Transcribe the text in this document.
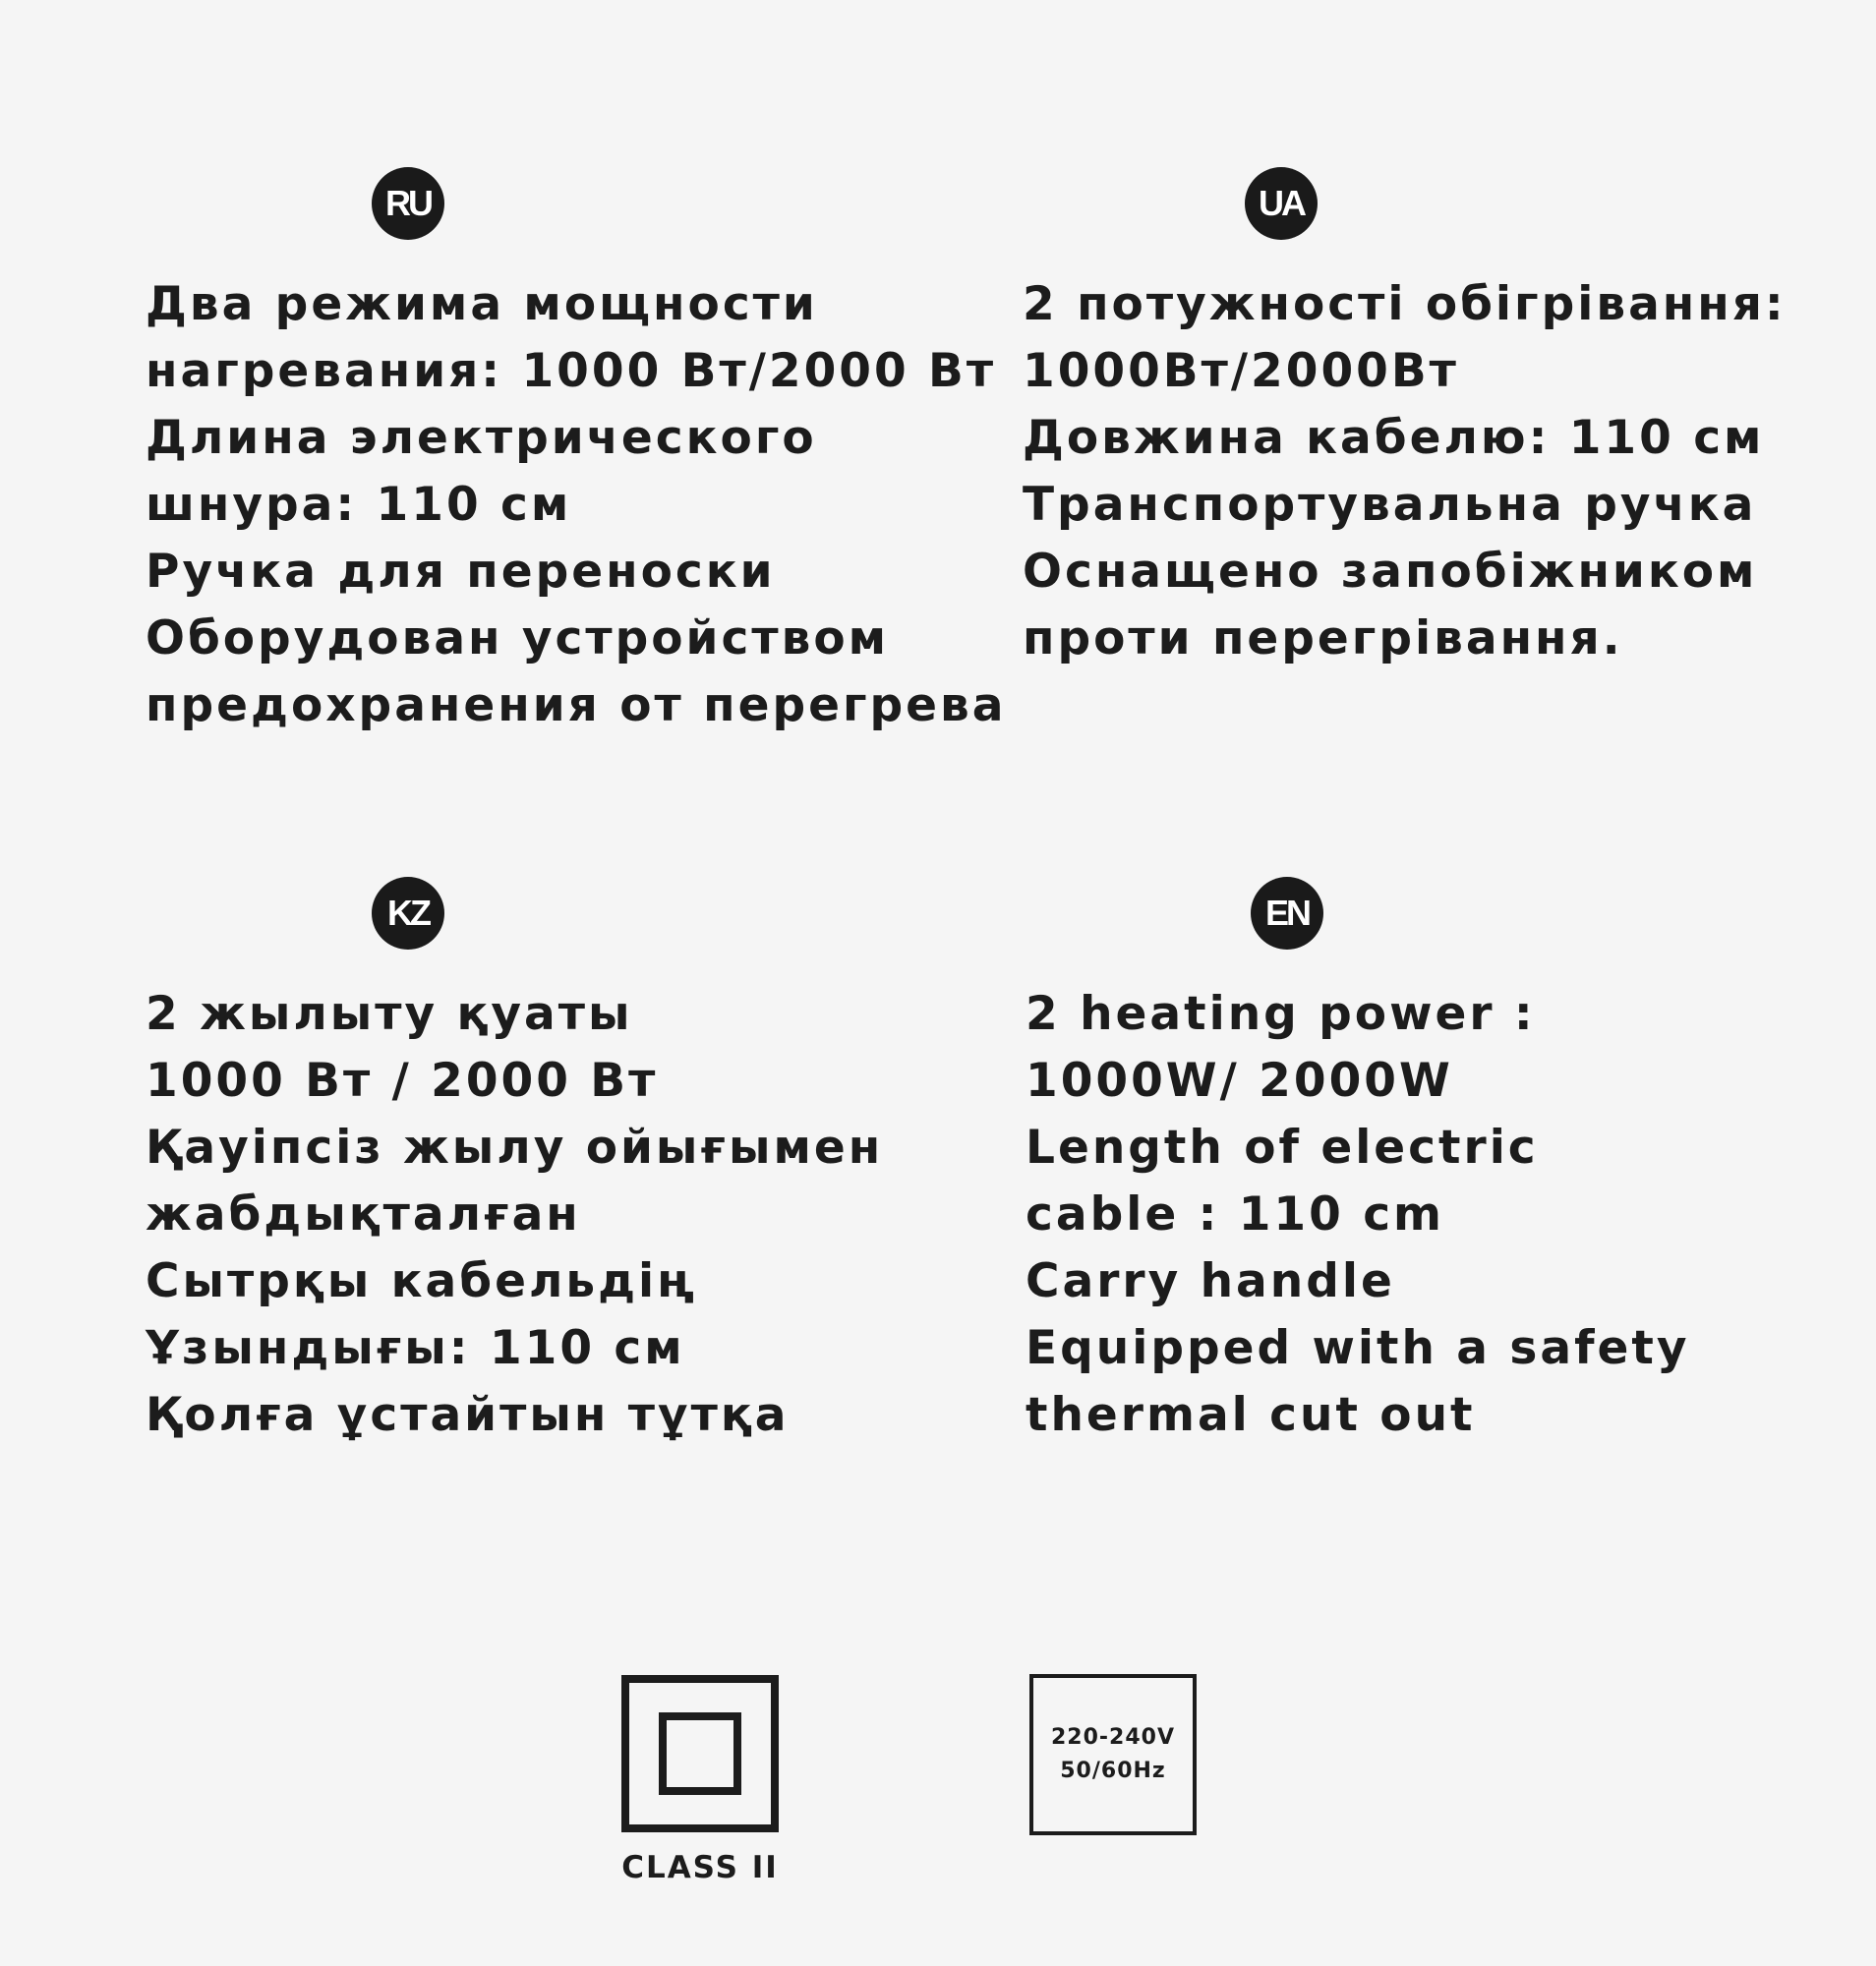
RU
Два режима мощности
нагревания: 1000 Вт/2000 Вт
Длина электрического
шнура: 110 см
Ручка для переноски
Оборудован устройством
предохранения от перегрева
UA
2 потужності обігрівання:
1000Вт/2000Вт
Довжина кабелю: 110 см
Транспортувальна ручка
Оснащено запобіжником
проти перегрівання.
KZ
2 жылыту қуаты
1000 Вт / 2000 Вт
Қауіпсіз жылу ойығымен
жабдықталған
Сытрқы кабельдің
Ұзындығы: 110 см
Қолға ұстайтын тұтқа
EN
2 heating power :
1000W/ 2000W
Length of electric
cable : 110 cm
Carry handle
Equipped with a safety
thermal cut out
CLASS II
220-240V
50/60Hz
